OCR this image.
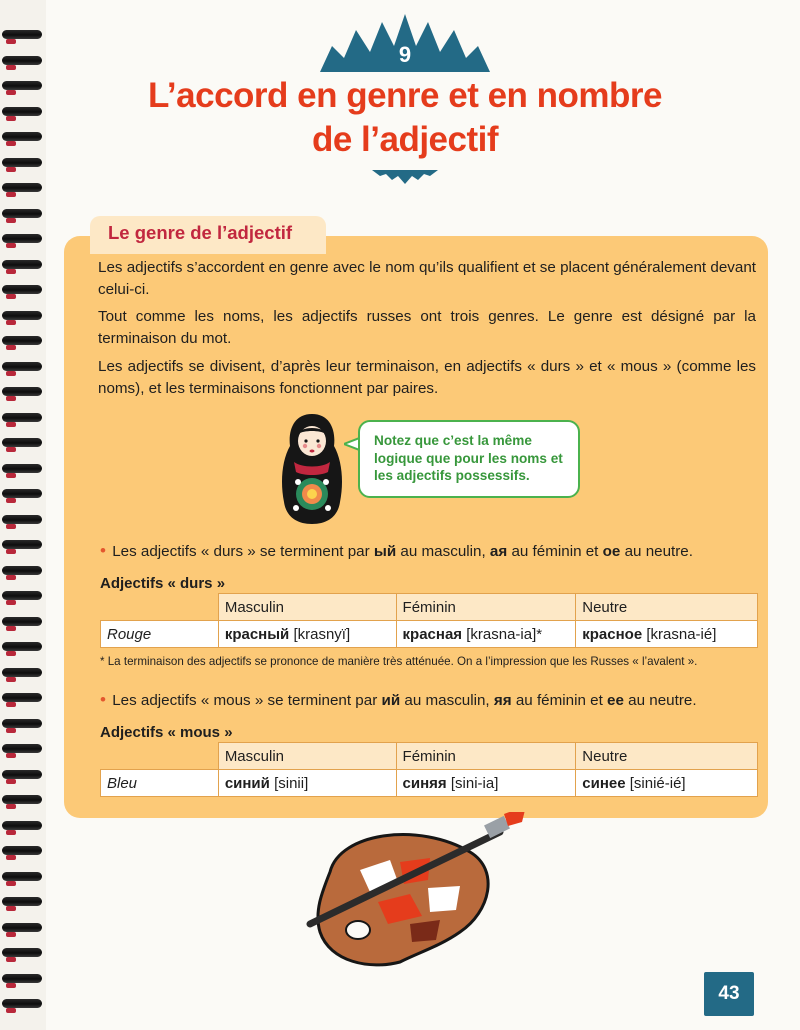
9
L’accord en genre et en nombre
de l’adjectif
Le genre de l’adjectif

Les adjectifs s’accordent en genre avec le nom qu’ils qualifient et se placent généralement devant celui-ci.

Tout comme les noms, les adjectifs russes ont trois genres. Le genre est désigné par la terminaison du mot.

Les adjectifs se divisent, d’après leur terminaison, en adjectifs « durs » et « mous » (comme les noms), et les terminaisons fonctionnent par paires.

Notez que c’est la même logique que pour les noms et les adjectifs possessifs.
• Les adjectifs « durs » se terminent par ый au masculin, ая au féminin et ое au neutre.
Adjectifs « durs »
	Masculin	Féminin	Neutre
Rouge	красный [krasnyï]	красная [krasna-ia]*	красное [krasna-ié]
* La terminaison des adjectifs se prononce de manière très atténuée. On a l’impression que les Russes « l’avalent ».
• Les adjectifs « mous » se terminent par ий au masculin, яя au féminin et ее au neutre.
Adjectifs « mous »
	Masculin	Féminin	Neutre
Bleu	синий [sinii]	синяя [sini-ia]	синее [sinié-ié]
43
